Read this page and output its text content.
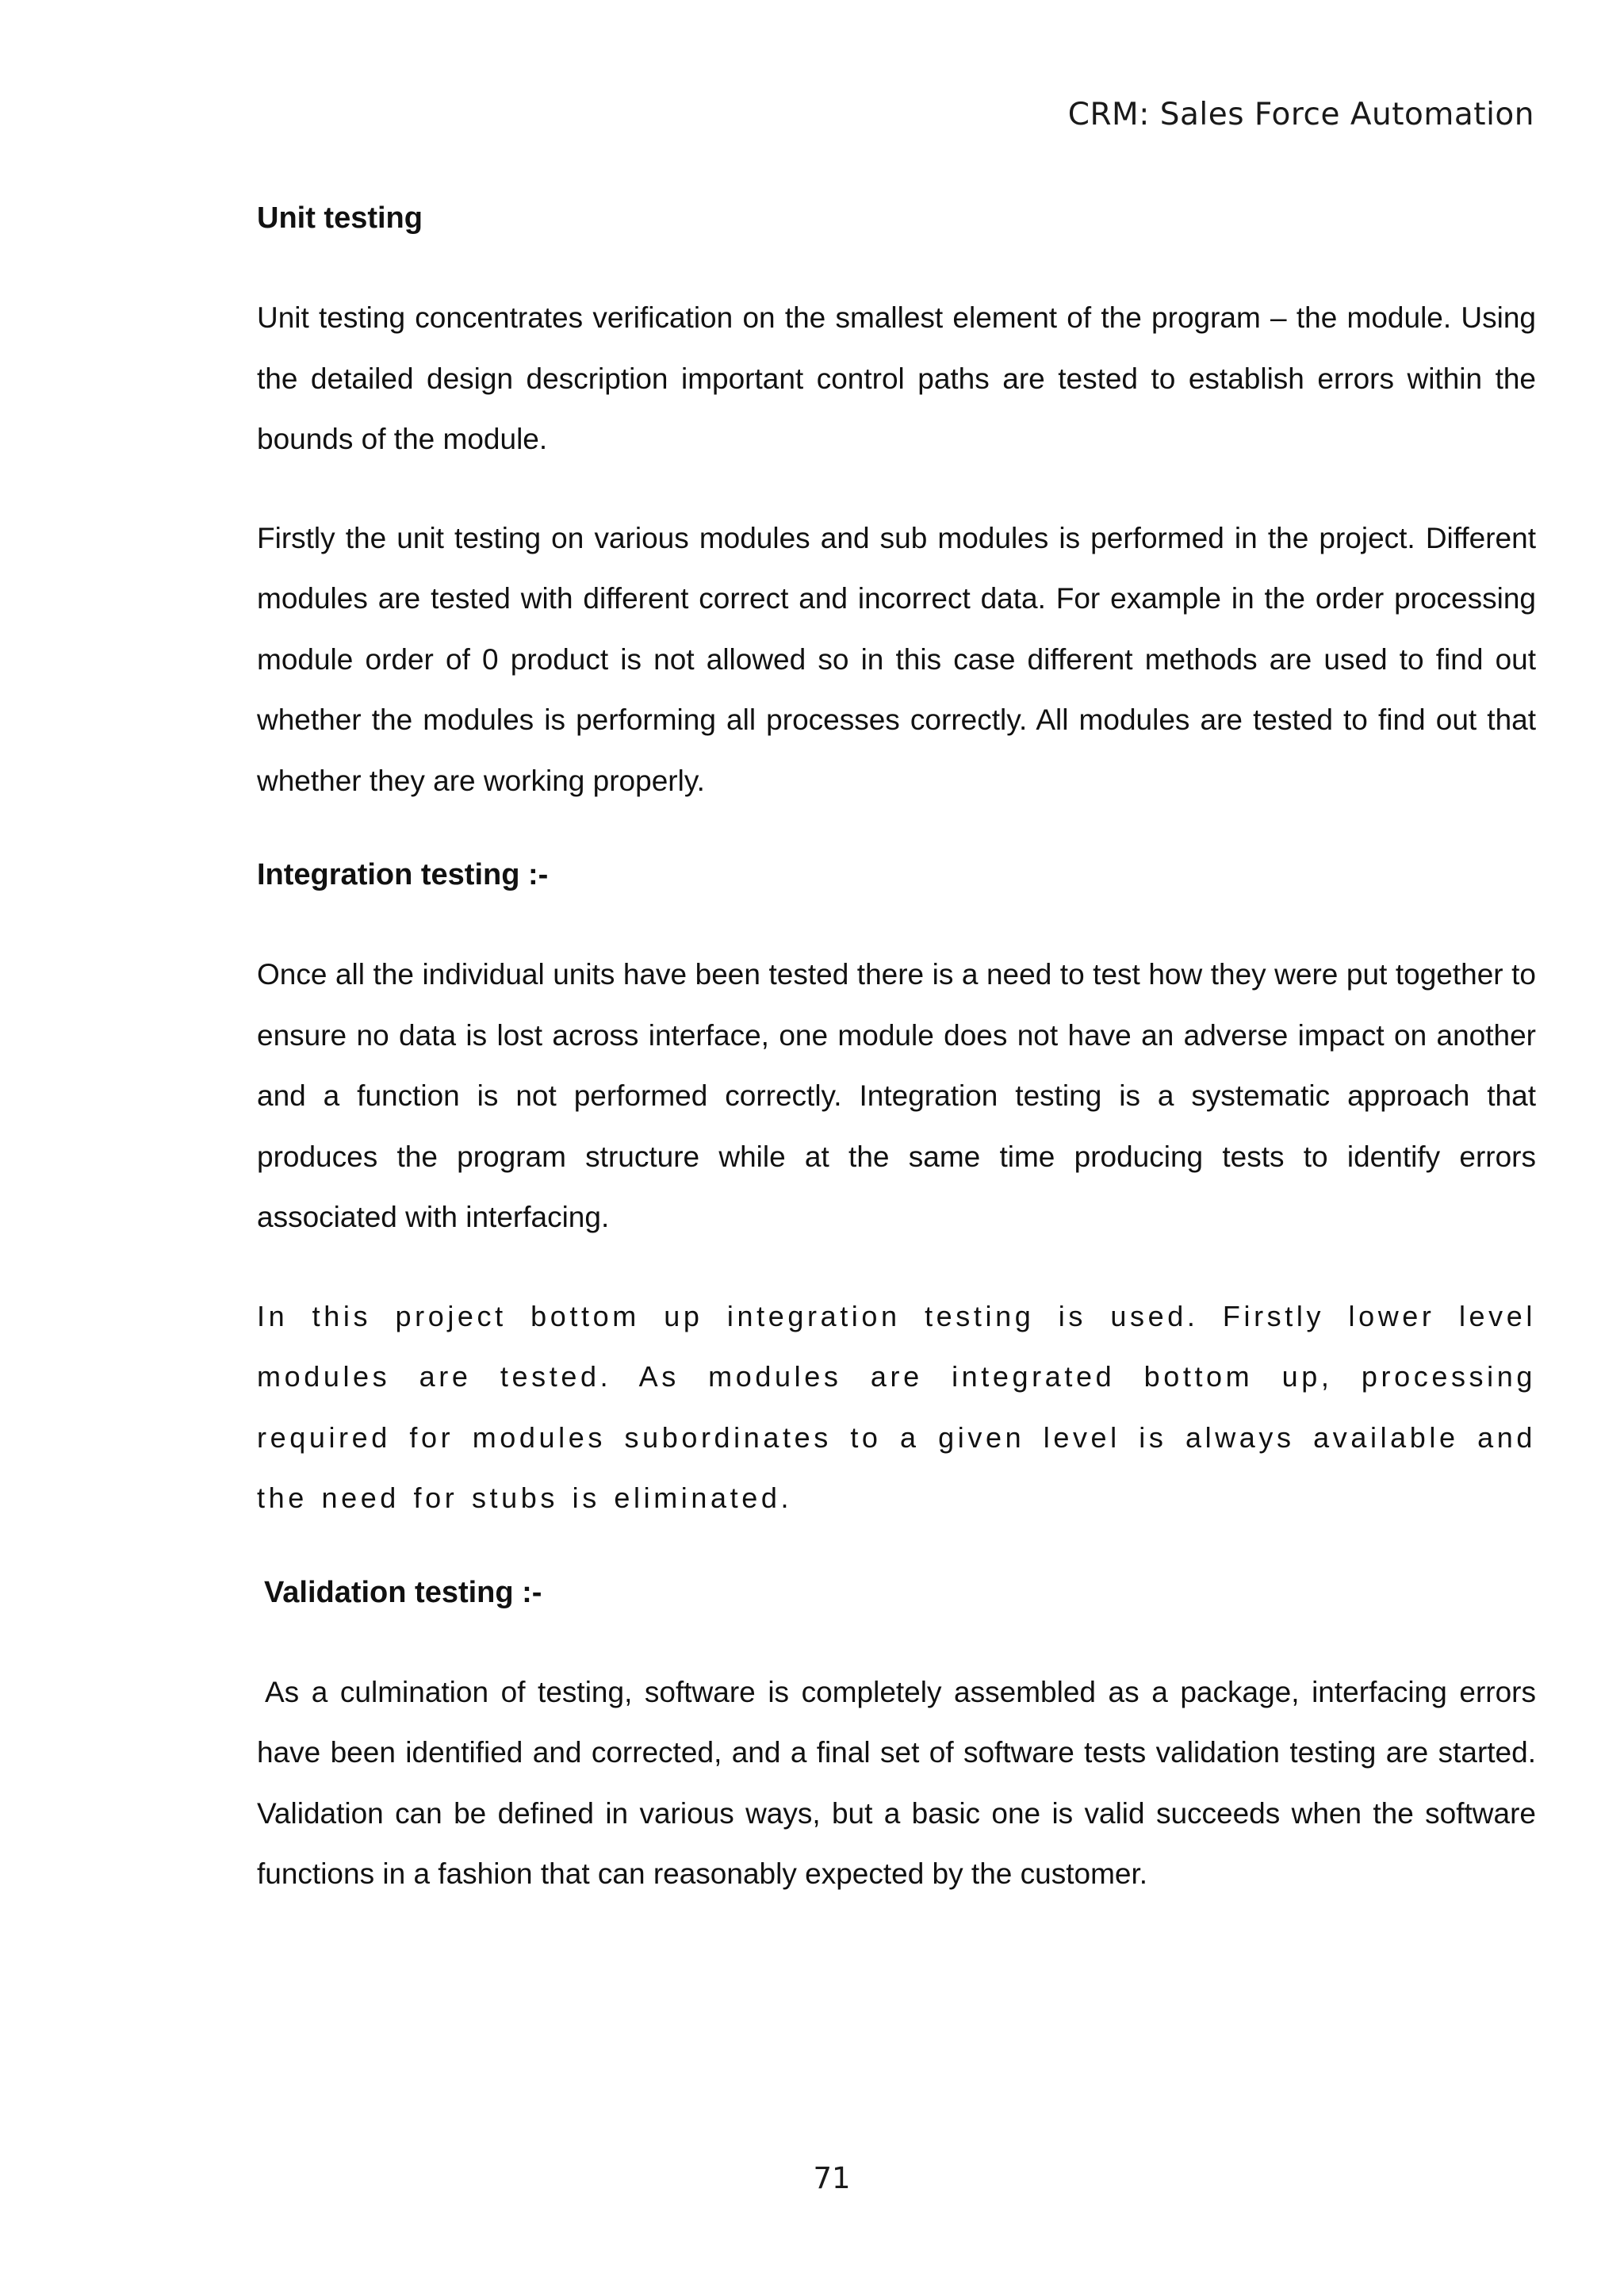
CRM: Sales Force Automation
Unit testing

Unit testing concentrates verification on the smallest element of the program – the module. Using the detailed design description important control paths are tested to establish errors within the bounds of the module.

Firstly the unit testing on various modules and sub modules is performed in the project. Different modules are tested with different correct and incorrect data. For example in the order processing module order of 0 product is not allowed so in this case different methods are used to find out whether the modules is performing all processes correctly. All modules are tested to find out that whether they are working properly.

Integration testing :-

Once all the individual units have been tested there is a need to test how they were put together to ensure no data is lost across interface, one module does not have an adverse impact on another and a function is not performed correctly. Integration testing is a systematic approach that produces the program structure while at the same time producing tests to identify errors associated with interfacing.

In this project bottom up integration testing is used. Firstly lower level modules are tested. As modules are integrated bottom up, processing required for modules subordinates to a given level is always available and the need for stubs is eliminated.

Validation testing :-

As a culmination of testing, software is completely assembled as a package, interfacing errors have been identified and corrected, and a final set of software tests validation testing are started. Validation can be defined in various ways, but a basic one is valid succeeds when the software functions in a fashion that can reasonably expected by the customer.

71
